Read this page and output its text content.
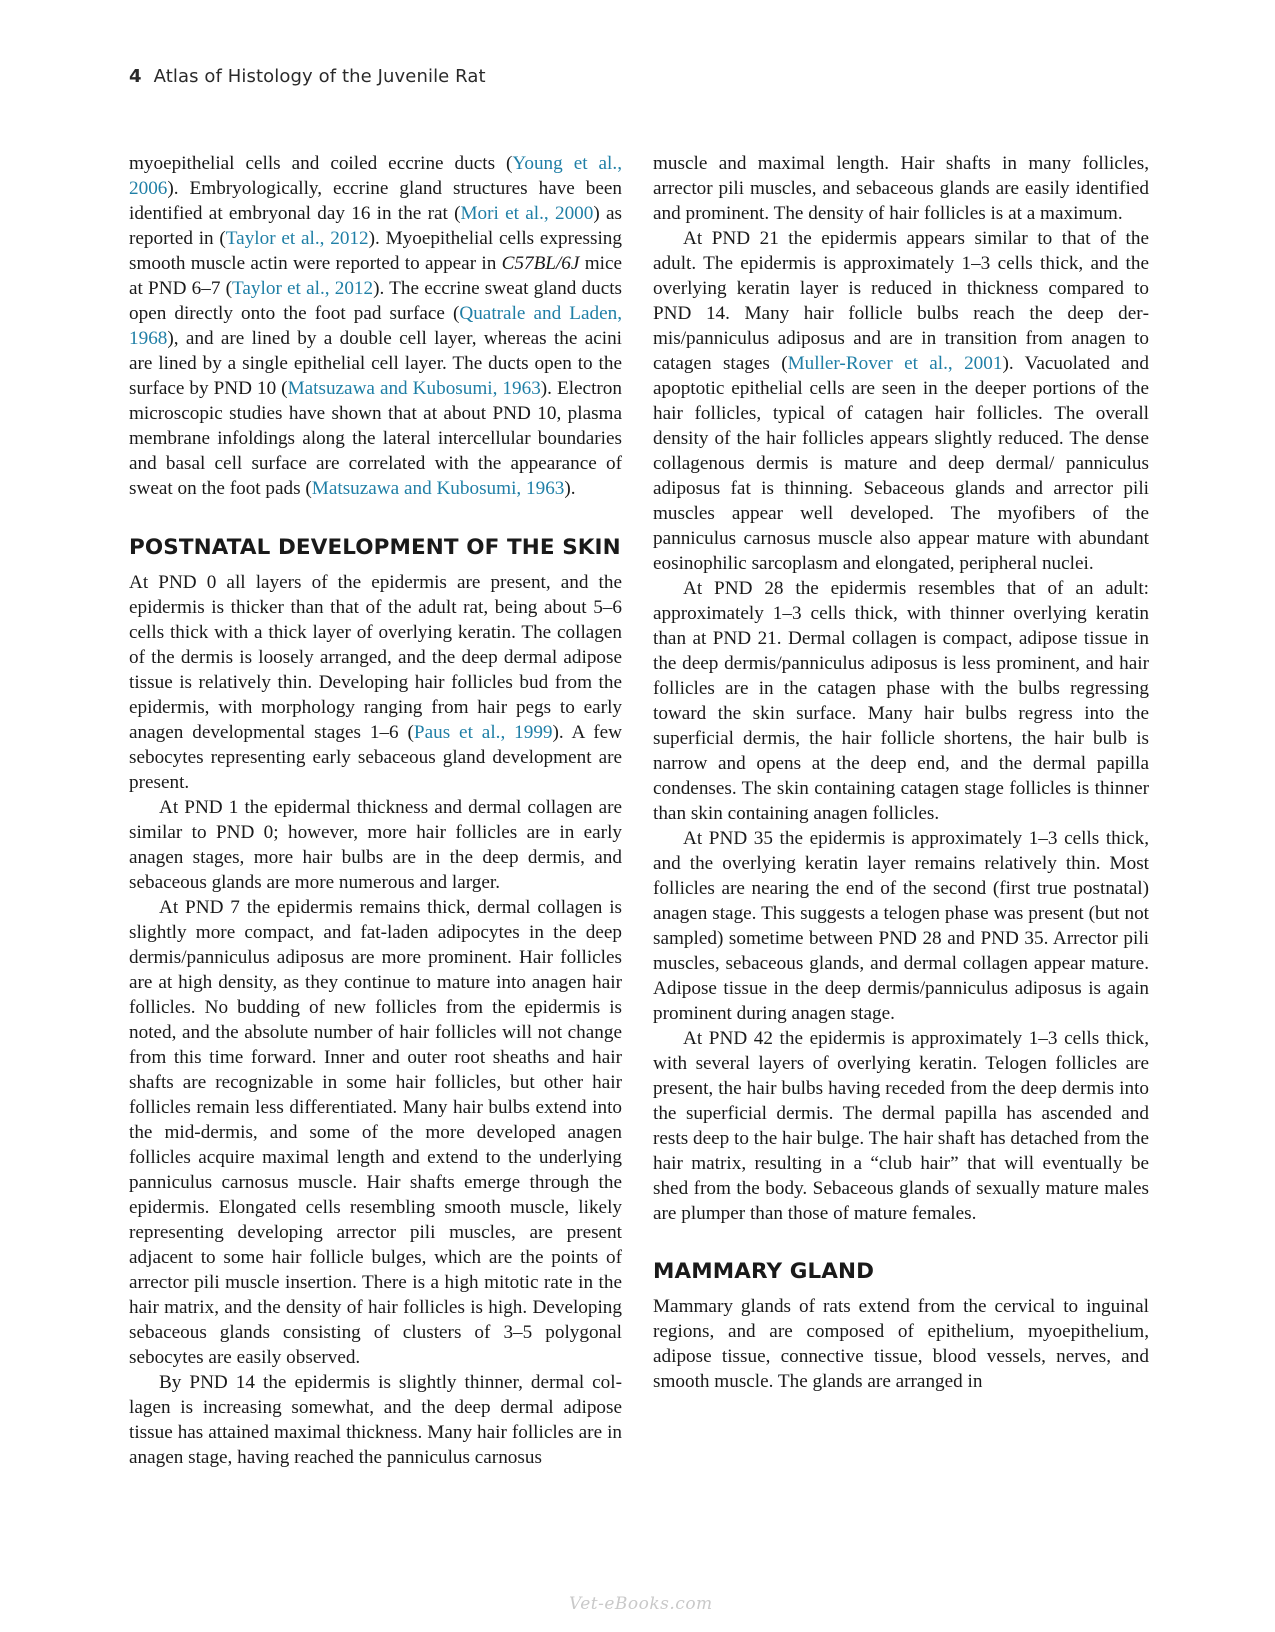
4 Atlas of Histology of the Juvenile Rat

myoepithelial cells and coiled eccrine ducts (Young et al., 2006). Embryologically, eccrine gland structures have been identified at embryonal day 16 in the rat (Mori et al., 2000) as reported in (Taylor et al., 2012). Myoepithelial cells expressing smooth muscle actin were reported to appear in C57BL/6J mice at PND 6–7 (Taylor et al., 2012). The eccrine sweat gland ducts open directly onto the foot pad surface (Quatrale and Laden, 1968), and are lined by a double cell layer, whereas the acini are lined by a single epithelial cell layer. The ducts open to the surface by PND 10 (Matsuzawa and Kubosumi, 1963). Electron microscopic studies have shown that at about PND 10, plasma membrane infoldings along the lateral intercellular boundaries and basal cell surface are correlated with the appearance of sweat on the foot pads (Matsuzawa and Kubosumi, 1963).

POSTNATAL DEVELOPMENT OF THE SKIN

At PND 0 all layers of the epidermis are present, and the epidermis is thicker than that of the adult rat, being about 5–6 cells thick with a thick layer of overlying keratin. The collagen of the dermis is loosely arranged, and the deep dermal adipose tissue is relatively thin. Developing hair follicles bud from the epidermis, with morphology ranging from hair pegs to early anagen developmental stages 1–6 (Paus et al., 1999). A few sebocytes representing early sebaceous gland development are present.

At PND 1 the epidermal thickness and dermal collagen are similar to PND 0; however, more hair follicles are in early anagen stages, more hair bulbs are in the deep dermis, and sebaceous glands are more numerous and larger.

At PND 7 the epidermis remains thick, dermal collagen is slightly more compact, and fat-laden adipocytes in the deep dermis/panniculus adiposus are more prominent. Hair follicles are at high density, as they continue to mature into anagen hair follicles. No budding of new follicles from the epidermis is noted, and the absolute number of hair follicles will not change from this time forward. Inner and outer root sheaths and hair shafts are recognizable in some hair follicles, but other hair follicles remain less differentiated. Many hair bulbs extend into the mid-dermis, and some of the more developed anagen follicles acquire maximal length and extend to the underlying panniculus carnosus muscle. Hair shafts emerge through the epidermis. Elongated cells resembling smooth muscle, likely representing developing arrector pili muscles, are present adjacent to some hair follicle bulges, which are the points of arrector pili muscle insertion. There is a high mitotic rate in the hair matrix, and the density of hair follicles is high. Developing sebaceous glands consisting of clusters of 3–5 polygonal sebocytes are easily observed.

By PND 14 the epidermis is slightly thinner, dermal collagen is increasing somewhat, and the deep dermal adipose tissue has attained maximal thickness. Many hair follicles are in anagen stage, having reached the panniculus carnosus

muscle and maximal length. Hair shafts in many follicles, arrector pili muscles, and sebaceous glands are easily identified and prominent. The density of hair follicles is at a maximum.

At PND 21 the epidermis appears similar to that of the adult. The epidermis is approximately 1–3 cells thick, and the overlying keratin layer is reduced in thickness compared to PND 14. Many hair follicle bulbs reach the deep dermis/panniculus adiposus and are in transition from anagen to catagen stages (Muller-Rover et al., 2001). Vacuolated and apoptotic epithelial cells are seen in the deeper portions of the hair follicles, typical of catagen hair follicles. The overall density of the hair follicles appears slightly reduced. The dense collagenous dermis is mature and deep dermal/ panniculus adiposus fat is thinning. Sebaceous glands and arrector pili muscles appear well developed. The myofibers of the panniculus carnosus muscle also appear mature with abundant eosinophilic sarcoplasm and elongated, peripheral nuclei.

At PND 28 the epidermis resembles that of an adult: approximately 1–3 cells thick, with thinner overlying keratin than at PND 21. Dermal collagen is compact, adipose tissue in the deep dermis/panniculus adiposus is less prominent, and hair follicles are in the catagen phase with the bulbs regressing toward the skin surface. Many hair bulbs regress into the superficial dermis, the hair follicle shortens, the hair bulb is narrow and opens at the deep end, and the dermal papilla condenses. The skin containing catagen stage follicles is thinner than skin containing anagen follicles.

At PND 35 the epidermis is approximately 1–3 cells thick, and the overlying keratin layer remains relatively thin. Most follicles are nearing the end of the second (first true postnatal) anagen stage. This suggests a telogen phase was present (but not sampled) sometime between PND 28 and PND 35. Arrector pili muscles, sebaceous glands, and dermal collagen appear mature. Adipose tissue in the deep dermis/panniculus adiposus is again prominent during anagen stage.

At PND 42 the epidermis is approximately 1–3 cells thick, with several layers of overlying keratin. Telogen follicles are present, the hair bulbs having receded from the deep dermis into the superficial dermis. The dermal papilla has ascended and rests deep to the hair bulge. The hair shaft has detached from the hair matrix, resulting in a “club hair” that will eventually be shed from the body. Sebaceous glands of sexually mature males are plumper than those of mature females.

MAMMARY GLAND

Mammary glands of rats extend from the cervical to inguinal regions, and are composed of epithelium, myoepithelium, adipose tissue, connective tissue, blood vessels, nerves, and smooth muscle. The glands are arranged in

Vet-eBooks.com
